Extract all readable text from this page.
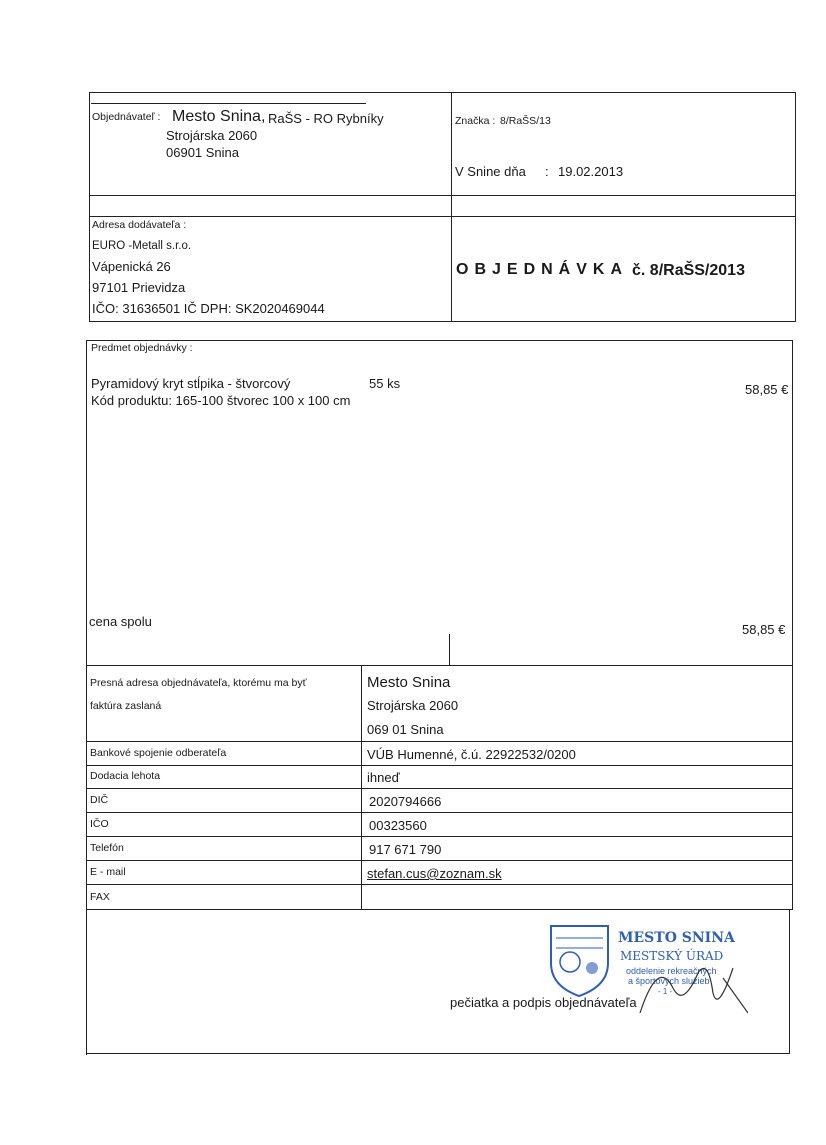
Objednávateľ : Mesto Snina, RaŠS - RO Rybníky
Strojárska 2060
06901 Snina
Značka : 8/RaŠS/13
V Snine dňa : 19.02.2013
Adresa dodávateľa :
EURO -Metall s.r.o.
Vápenická 26
97101 Prievidza
IČO: 31636501 IČ DPH: SK2020469044
OBJEDNÁVKA č. 8/RaŠS/2013
Predmet objednávky :
Pyramidový kryt stĺpika - štvorcový	55 ks
Kód produktu: 165-100 štvorec 100 x 100 cm
58,85 €
cena spolu
58,85 €
Presná adresa objednávateľa, ktorému ma byť
faktúra zaslaná
Mesto Snina
Strojárska 2060
069 01 Snina
Bankové spojenie odberateľa	VÚB Humenné, č.ú. 22922532/0200
Dodacia lehota	ihneď
DIČ	2020794666
IČO	00323560
Telefón	917 671 790
E - mail	stefan.cus@zoznam.sk
FAX
MESTO SNINA
MESTSKÝ ÚRAD
oddelenie rekreačných
a športových služieb
- 1 -
pečiatka a podpis objednávateľa
